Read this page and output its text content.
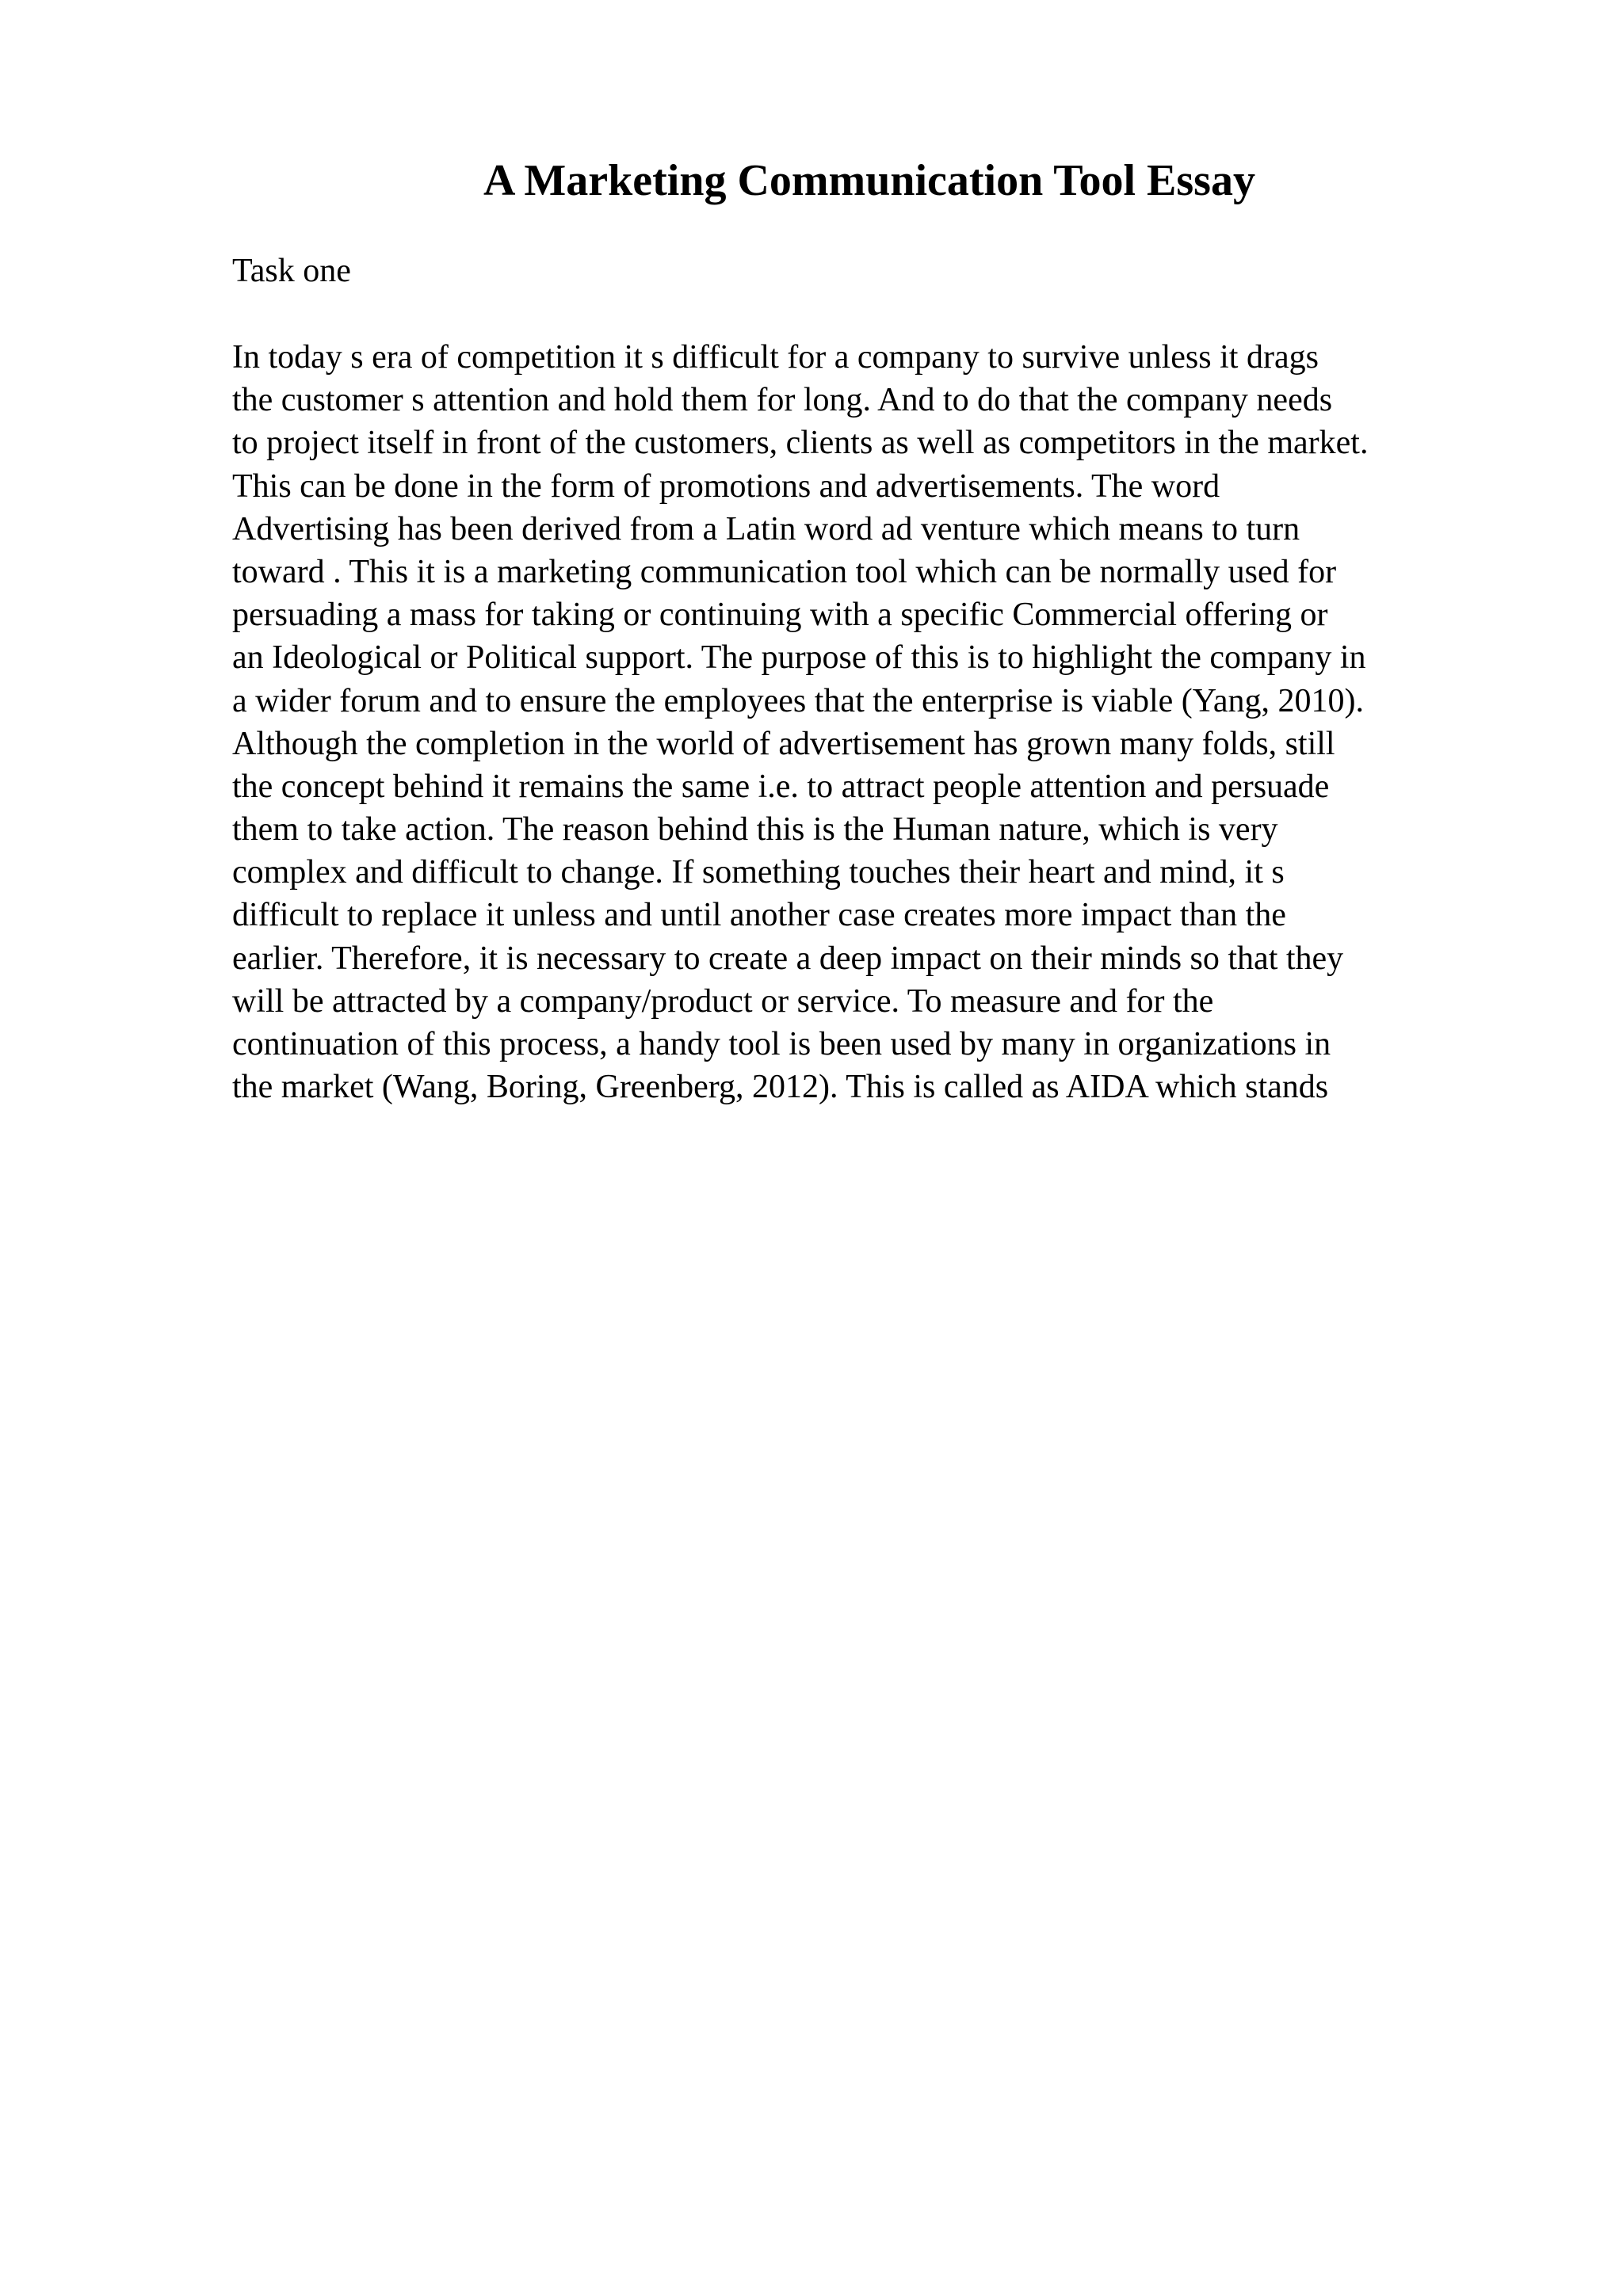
A Marketing Communication Tool Essay

Task one

In today s era of competition it s difficult for a company to survive unless it drags
the customer s attention and hold them for long. And to do that the company needs
to project itself in front of the customers, clients as well as competitors in the market.
This can be done in the form of promotions and advertisements. The word
Advertising has been derived from a Latin word ad venture which means to turn
toward . This it is a marketing communication tool which can be normally used for
persuading a mass for taking or continuing with a specific Commercial offering or
an Ideological or Political support. The purpose of this is to highlight the company in
a wider forum and to ensure the employees that the enterprise is viable (Yang, 2010).
Although the completion in the world of advertisement has grown many folds, still
the concept behind it remains the same i.e. to attract people attention and persuade
them to take action. The reason behind this is the Human nature, which is very
complex and difficult to change. If something touches their heart and mind, it s
difficult to replace it unless and until another case creates more impact than the
earlier. Therefore, it is necessary to create a deep impact on their minds so that they
will be attracted by a company/product or service. To measure and for the
continuation of this process, a handy tool is been used by many in organizations in
the market (Wang, Boring, Greenberg, 2012). This is called as AIDA which stands
